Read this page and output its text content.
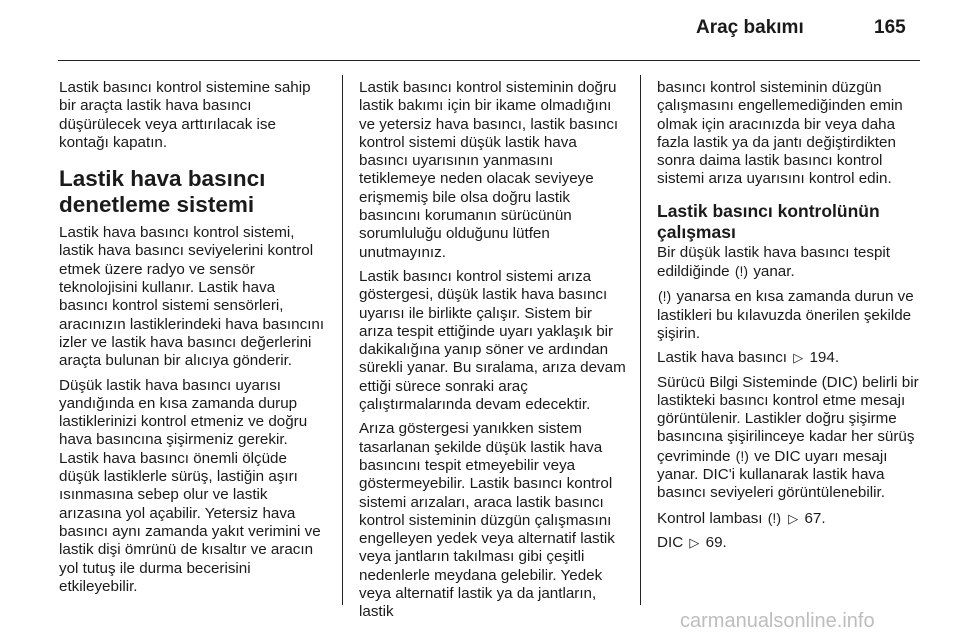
Araç bakımı	165

Lastik basıncı kontrol sistemine sahip bir araçta lastik hava basıncı düşürülecek veya arttırılacak ise kontağı kapatın.

Lastik hava basıncı
denetleme sistemi

Lastik hava basıncı kontrol sistemi, lastik hava basıncı seviyelerini kontrol etmek üzere radyo ve sensör teknolojisini kullanır. Lastik hava basıncı kontrol sistemi sensörleri, aracınızın lastiklerindeki hava basıncını izler ve lastik hava basıncı değerlerini araçta bulunan bir alıcıya gönderir.

Düşük lastik hava basıncı uyarısı yandığında en kısa zamanda durup lastiklerinizi kontrol etmeniz ve doğru hava basıncına şişirmeniz gerekir. Lastik hava basıncı önemli ölçüde düşük lastiklerle sürüş, lastiğin aşırı ısınmasına sebep olur ve lastik arızasına yol açabilir. Yetersiz hava basıncı aynı zamanda yakıt verimini ve lastik dişi ömrünü de kısaltır ve aracın yol tutuş ile durma becerisini etkileyebilir.

Lastik basıncı kontrol sisteminin doğru lastik bakımı için bir ikame olmadığını ve yetersiz hava basıncı, lastik basıncı kontrol sistemi düşük lastik hava basıncı uyarısının yanmasını tetiklemeye neden olacak seviyeye erişmemiş bile olsa doğru lastik basıncını korumanın sürücünün sorumluluğu olduğunu lütfen unutmayınız.

Lastik basıncı kontrol sistemi arıza göstergesi, düşük lastik hava basıncı uyarısı ile birlikte çalışır. Sistem bir arıza tespit ettiğinde uyarı yaklaşık bir dakikalığına yanıp söner ve ardından sürekli yanar. Bu sıralama, arıza devam ettiği sürece sonraki araç çalıştırmalarında devam edecektir.

Arıza göstergesi yanıkken sistem tasarlanan şekilde düşük lastik hava basıncını tespit etmeyebilir veya göstermeyebilir. Lastik basıncı kontrol sistemi arızaları, araca lastik basıncı kontrol sisteminin düzgün çalışmasını engelleyen yedek veya alternatif lastik veya jantların takılması gibi çeşitli nedenlerle meydana gelebilir. Yedek veya alternatif lastik ya da jantların, lastik

basıncı kontrol sisteminin düzgün çalışmasını engellemediğinden emin olmak için aracınızda bir veya daha fazla lastik ya da jantı değiştirdikten sonra daima lastik basıncı kontrol sistemi arıza uyarısını kontrol edin.

Lastik basıncı kontrolünün
çalışması

Bir düşük lastik hava basıncı tespit edildiğinde (!) yanar.

(!) yanarsa en kısa zamanda durun ve lastikleri bu kılavuzda önerilen şekilde şişirin.

Lastik hava basıncı ▷ 194.

Sürücü Bilgi Sisteminde (DIC) belirli bir lastikteki basıncı kontrol etme mesajı görüntülenir. Lastikler doğru şişirme basıncına şişirilinceye kadar her sürüş çevriminde (!) ve DIC uyarı mesajı yanar. DIC'i kullanarak lastik hava basıncı seviyeleri görüntülenebilir.

Kontrol lambası (!) ▷ 67.

DIC ▷ 69.

carmanualsonline.info
